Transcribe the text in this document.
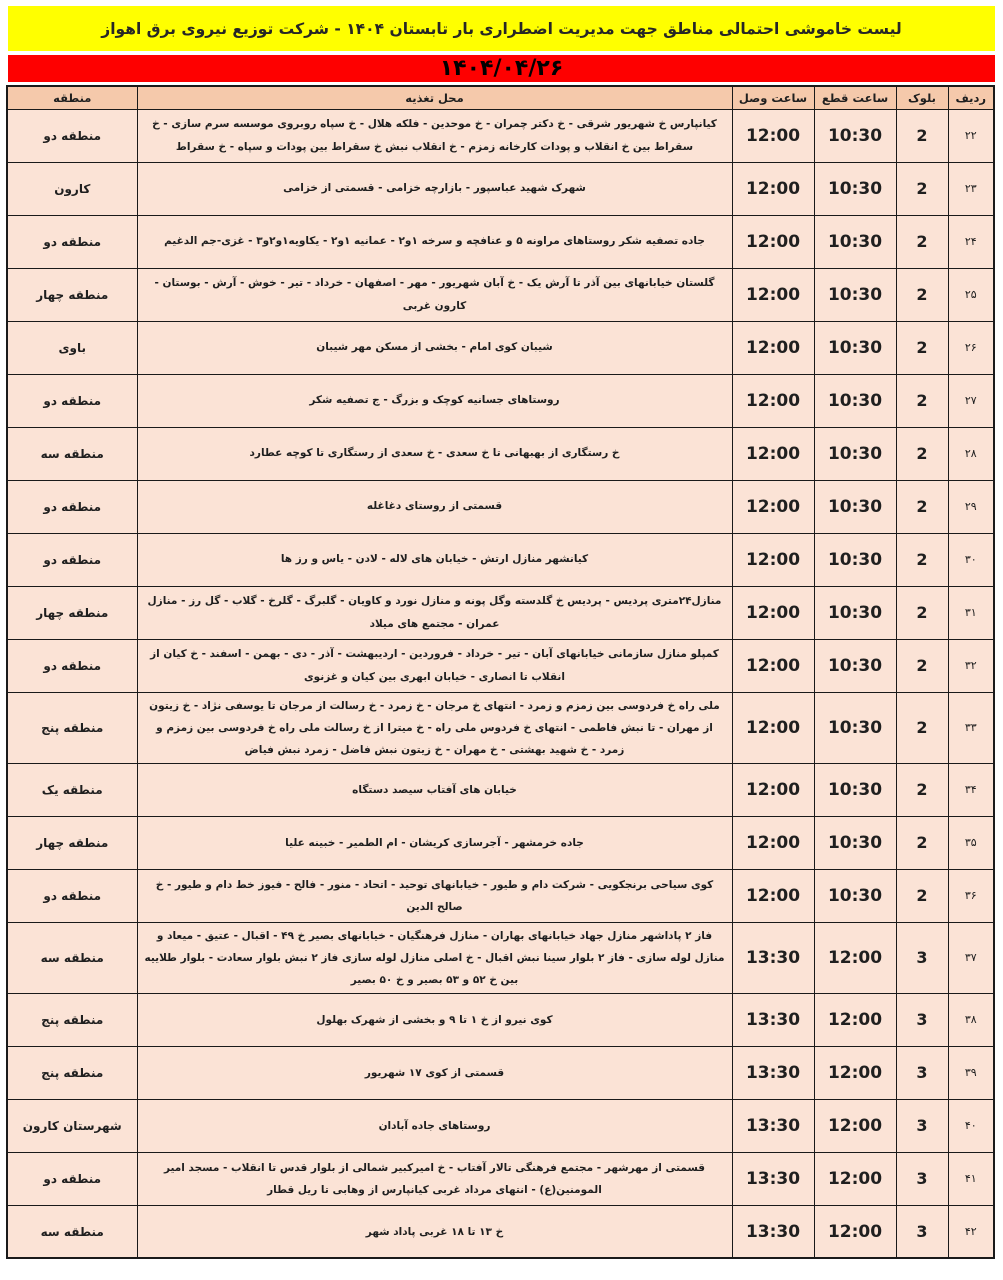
لیست خاموشی احتمالی مناطق جهت مدیریت اضطراری بار تابستان ۱۴۰۴ - شرکت توزیع نیروی برق اهواز
۱۴۰۴/۰۴/۲۶
ردیف	بلوک	ساعت قطع	ساعت وصل	محل تغذیه	منطقه
۲۲	2	10:30	12:00	کیانپارس خ شهریور شرقی - خ دکتر چمران - خ موحدین - فلکه هلال - خ سپاه روبروی موسسه سرم سازی - خ سقراط بین خ انقلاب و پودات کارخانه زمزم - خ انقلاب نبش خ سقراط بین پودات و سپاه - خ سقراط	منطقه دو
۲۳	2	10:30	12:00	شهرک شهید عباسپور - بازارچه خزامی - قسمتی از خزامی	کارون
۲۴	2	10:30	12:00	جاده تصفیه شکر روستاهای مراونه ۵ و عنافچه و سرخه ۱و۲ - عمانیه ۱و۲ - یکاویه۱و۲و۳ - غزی-جم الدغیم	منطقه دو
۲۵	2	10:30	12:00	گلستان خیابانهای بین آذر تا آرش یک - خ آبان شهریور - مهر - اصفهان - خرداد - تیر - خوش - آرش - بوستان - کارون غربی	منطقه چهار
۲۶	2	10:30	12:00	شیبان کوی امام - بخشی از مسکن مهر شیبان	باوی
۲۷	2	10:30	12:00	روستاهای جسانیه کوچک و بزرگ - ج تصفیه شکر	منطقه دو
۲۸	2	10:30	12:00	خ رستگاری از بهبهانی تا خ سعدی - خ سعدی از رستگاری تا کوچه عطارد	منطقه سه
۲۹	2	10:30	12:00	قسمتی از روستای دغاغله	منطقه دو
۳۰	2	10:30	12:00	کیانشهر منازل ارتش - خیابان های لاله - لادن - یاس و رز ها	منطقه دو
۳۱	2	10:30	12:00	منازل۲۴متری پردیس - پردیس خ گلدسته وگل پونه و منازل نورد و کاویان - گلبرگ - گلرخ - گلاب - گل رز - منازل عمران - مجتمع های میلاد	منطقه چهار
۳۲	2	10:30	12:00	کمپلو منازل سازمانی خیابانهای آبان - تیر - خرداد - فروردین - اردیبهشت - آذر - دی - بهمن - اسفند - خ کیان از انقلاب تا انصاری - خیابان ابهری بین کیان و غزنوی	منطقه دو
۳۳	2	10:30	12:00	ملی راه خ فردوسی بین زمزم و زمرد - انتهای خ مرجان - خ زمرد - خ رسالت از مرجان تا یوسفی نژاد - خ زیتون از مهران - تا نبش فاطمی - انتهای خ فردوس ملی راه - خ میترا از خ رسالت ملی راه خ فردوسی بین زمزم و زمرد - خ شهید بهشتی - خ مهران - خ زیتون نبش فاضل - زمرد نبش فیاض	منطقه پنج
۳۴	2	10:30	12:00	خیابان های آفتاب سیصد دستگاه	منطقه یک
۳۵	2	10:30	12:00	جاده خرمشهر - آجرسازی کریشان - ام الطمیر - خبینه علیا	منطقه چهار
۳۶	2	10:30	12:00	کوی سیاحی برنجکویی - شرکت دام و طیور - خیابانهای توحید - اتحاد - منور - فالح - فیوز خط دام و طیور - خ صالح الدین	منطقه دو
۳۷	3	12:00	13:30	فاز ۲ پاداشهر منازل جهاد خیابانهای بهاران - منازل فرهنگیان - خیابانهای بصیر خ ۴۹ - اقبال - عتیق - میعاد و منازل لوله سازی - فاز ۲ بلوار سینا نبش اقبال - خ اصلی منازل لوله سازی فاز ۲ نبش بلوار سعادت - بلوار طلاییه بین خ ۵۲ و ۵۳ بصیر و خ ۵۰ بصیر	منطقه سه
۳۸	3	12:00	13:30	کوی نیرو از خ ۱ تا ۹ و بخشی از شهرک بهلول	منطقه پنج
۳۹	3	12:00	13:30	قسمتی از کوی ۱۷ شهریور	منطقه پنج
۴۰	3	12:00	13:30	روستاهای جاده آبادان	شهرستان کارون
۴۱	3	12:00	13:30	قسمتی از مهرشهر - مجتمع فرهنگی تالار آفتاب - خ امیرکبیر شمالی از بلوار قدس تا انقلاب - مسجد امیر المومنین(ع) - انتهای مرداد غربی کیانپارس از وهابی تا ریل قطار	منطقه دو
۴۲	3	12:00	13:30	خ ۱۳ تا ۱۸ غربی پاداد شهر	منطقه سه
